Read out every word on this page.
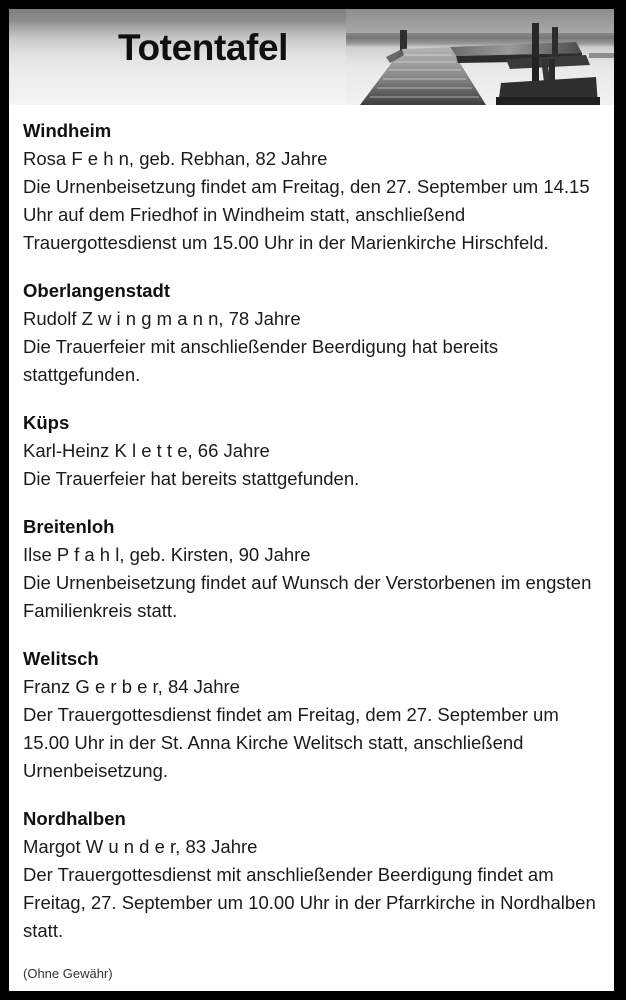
Totentafel
Windheim
Rosa F e h n, geb. Rebhan, 82 Jahre
Die Urnenbeisetzung findet am Freitag, den 27. September um 14.15 Uhr auf dem Friedhof in Windheim statt, anschließend Trauergottesdienst um 15.00 Uhr in der Marienkirche Hirschfeld.
Oberlangenstadt
Rudolf Z w i n g m a n n, 78 Jahre
Die Trauerfeier mit anschließender Beerdigung hat bereits stattgefunden.
Küps
Karl-Heinz K l e t t e, 66 Jahre
Die Trauerfeier hat bereits stattgefunden.
Breitenloh
Ilse P f a h l, geb. Kirsten, 90 Jahre
Die Urnenbeisetzung findet auf Wunsch der Verstorbenen im engsten Familienkreis statt.
Welitsch
Franz G e r b e r, 84 Jahre
Der Trauergottesdienst findet am Freitag, dem 27. September um 15.00 Uhr in der St. Anna Kirche Welitsch statt, anschließend Urnenbeisetzung.
Nordhalben
Margot W u n d e r, 83 Jahre
Der Trauergottesdienst mit anschließender Beerdigung findet am Freitag, 27. September um 10.00 Uhr in der Pfarrkirche in Nordhalben statt.
(Ohne Gewähr)
